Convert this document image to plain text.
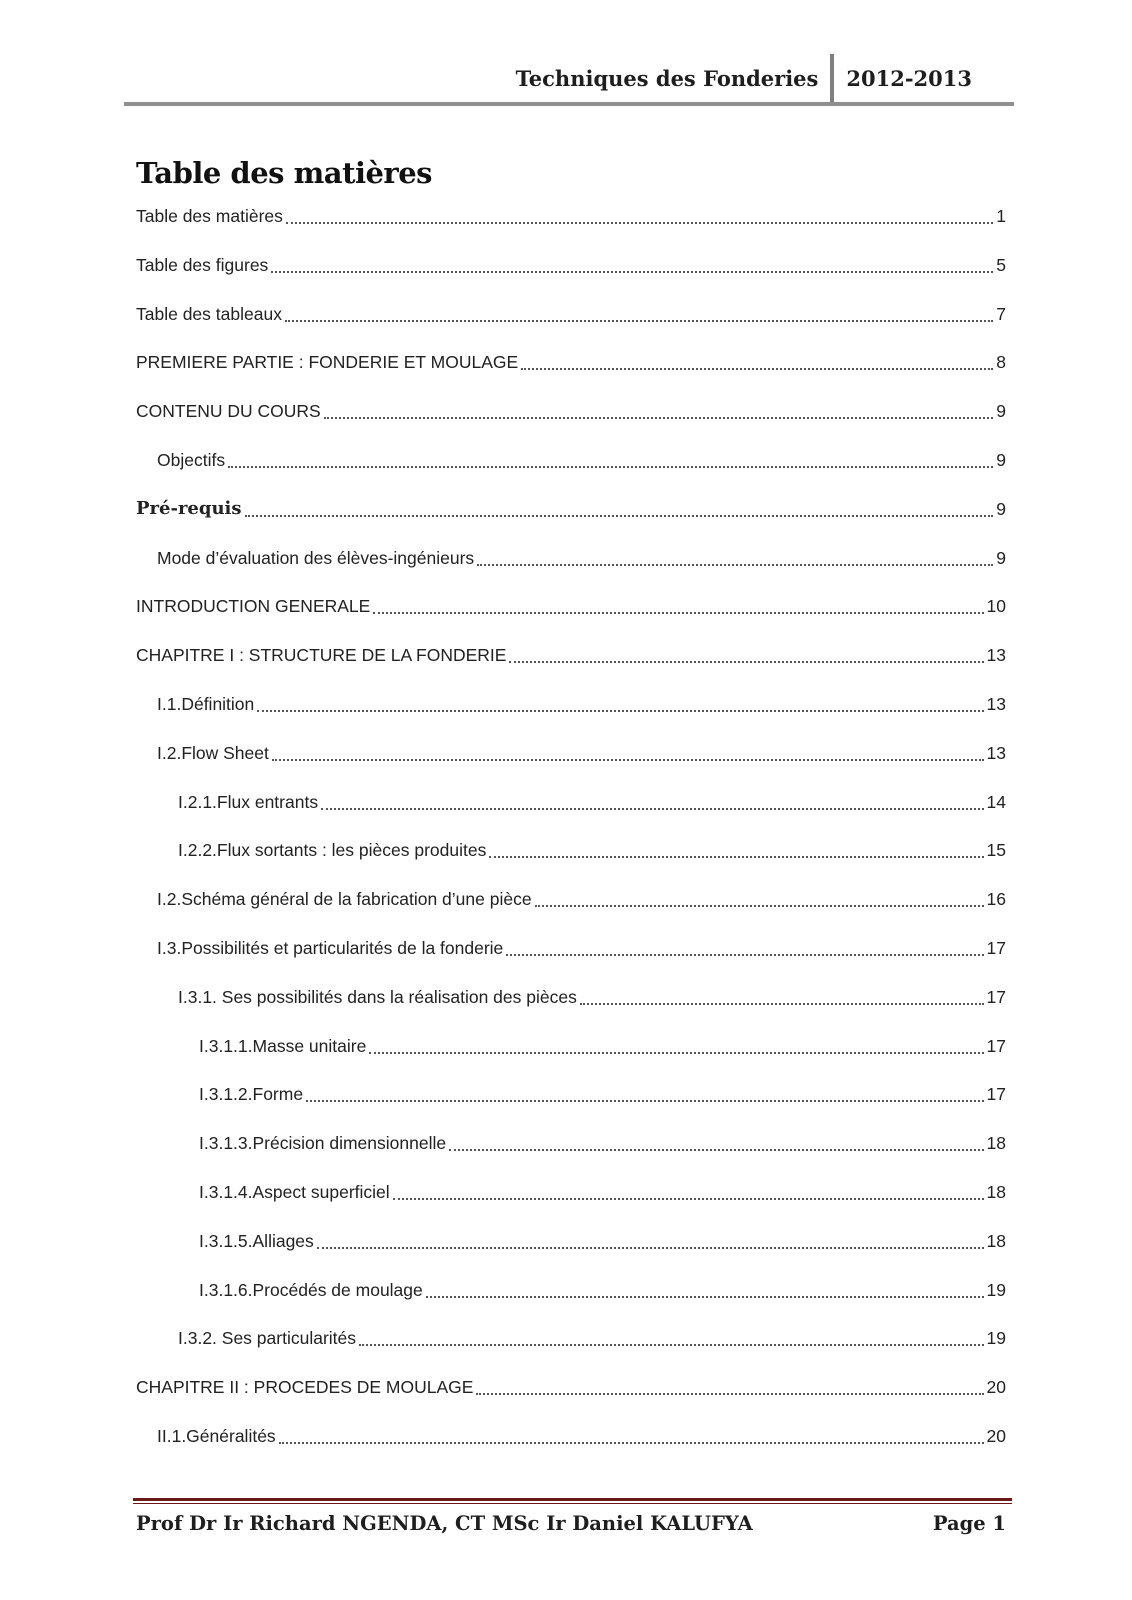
Techniques des Fonderies	2012-2013
Table des matières
Table des matières	1
Table des figures	5
Table des tableaux	7
PREMIERE PARTIE : FONDERIE ET MOULAGE	8
CONTENU DU COURS	9
Objectifs	9
Pré-requis	9
Mode d’évaluation des élèves-ingénieurs	9
INTRODUCTION GENERALE	10
CHAPITRE I : STRUCTURE DE LA FONDERIE	13
I.1.Définition	13
I.2.Flow Sheet	13
I.2.1.Flux entrants	14
I.2.2.Flux sortants : les pièces produites	15
I.2.Schéma général de la fabrication d’une pièce	16
I.3.Possibilités et particularités de la fonderie	17
I.3.1. Ses possibilités dans la réalisation des pièces	17
I.3.1.1.Masse unitaire	17
I.3.1.2.Forme	17
I.3.1.3.Précision dimensionnelle	18
I.3.1.4.Aspect superficiel	18
I.3.1.5.Alliages	18
I.3.1.6.Procédés de moulage	19
I.3.2. Ses particularités	19
CHAPITRE II : PROCEDES DE MOULAGE	20
II.1.Généralités	20
Prof Dr Ir Richard NGENDA, CT MSc Ir Daniel KALUFYA	Page 1
